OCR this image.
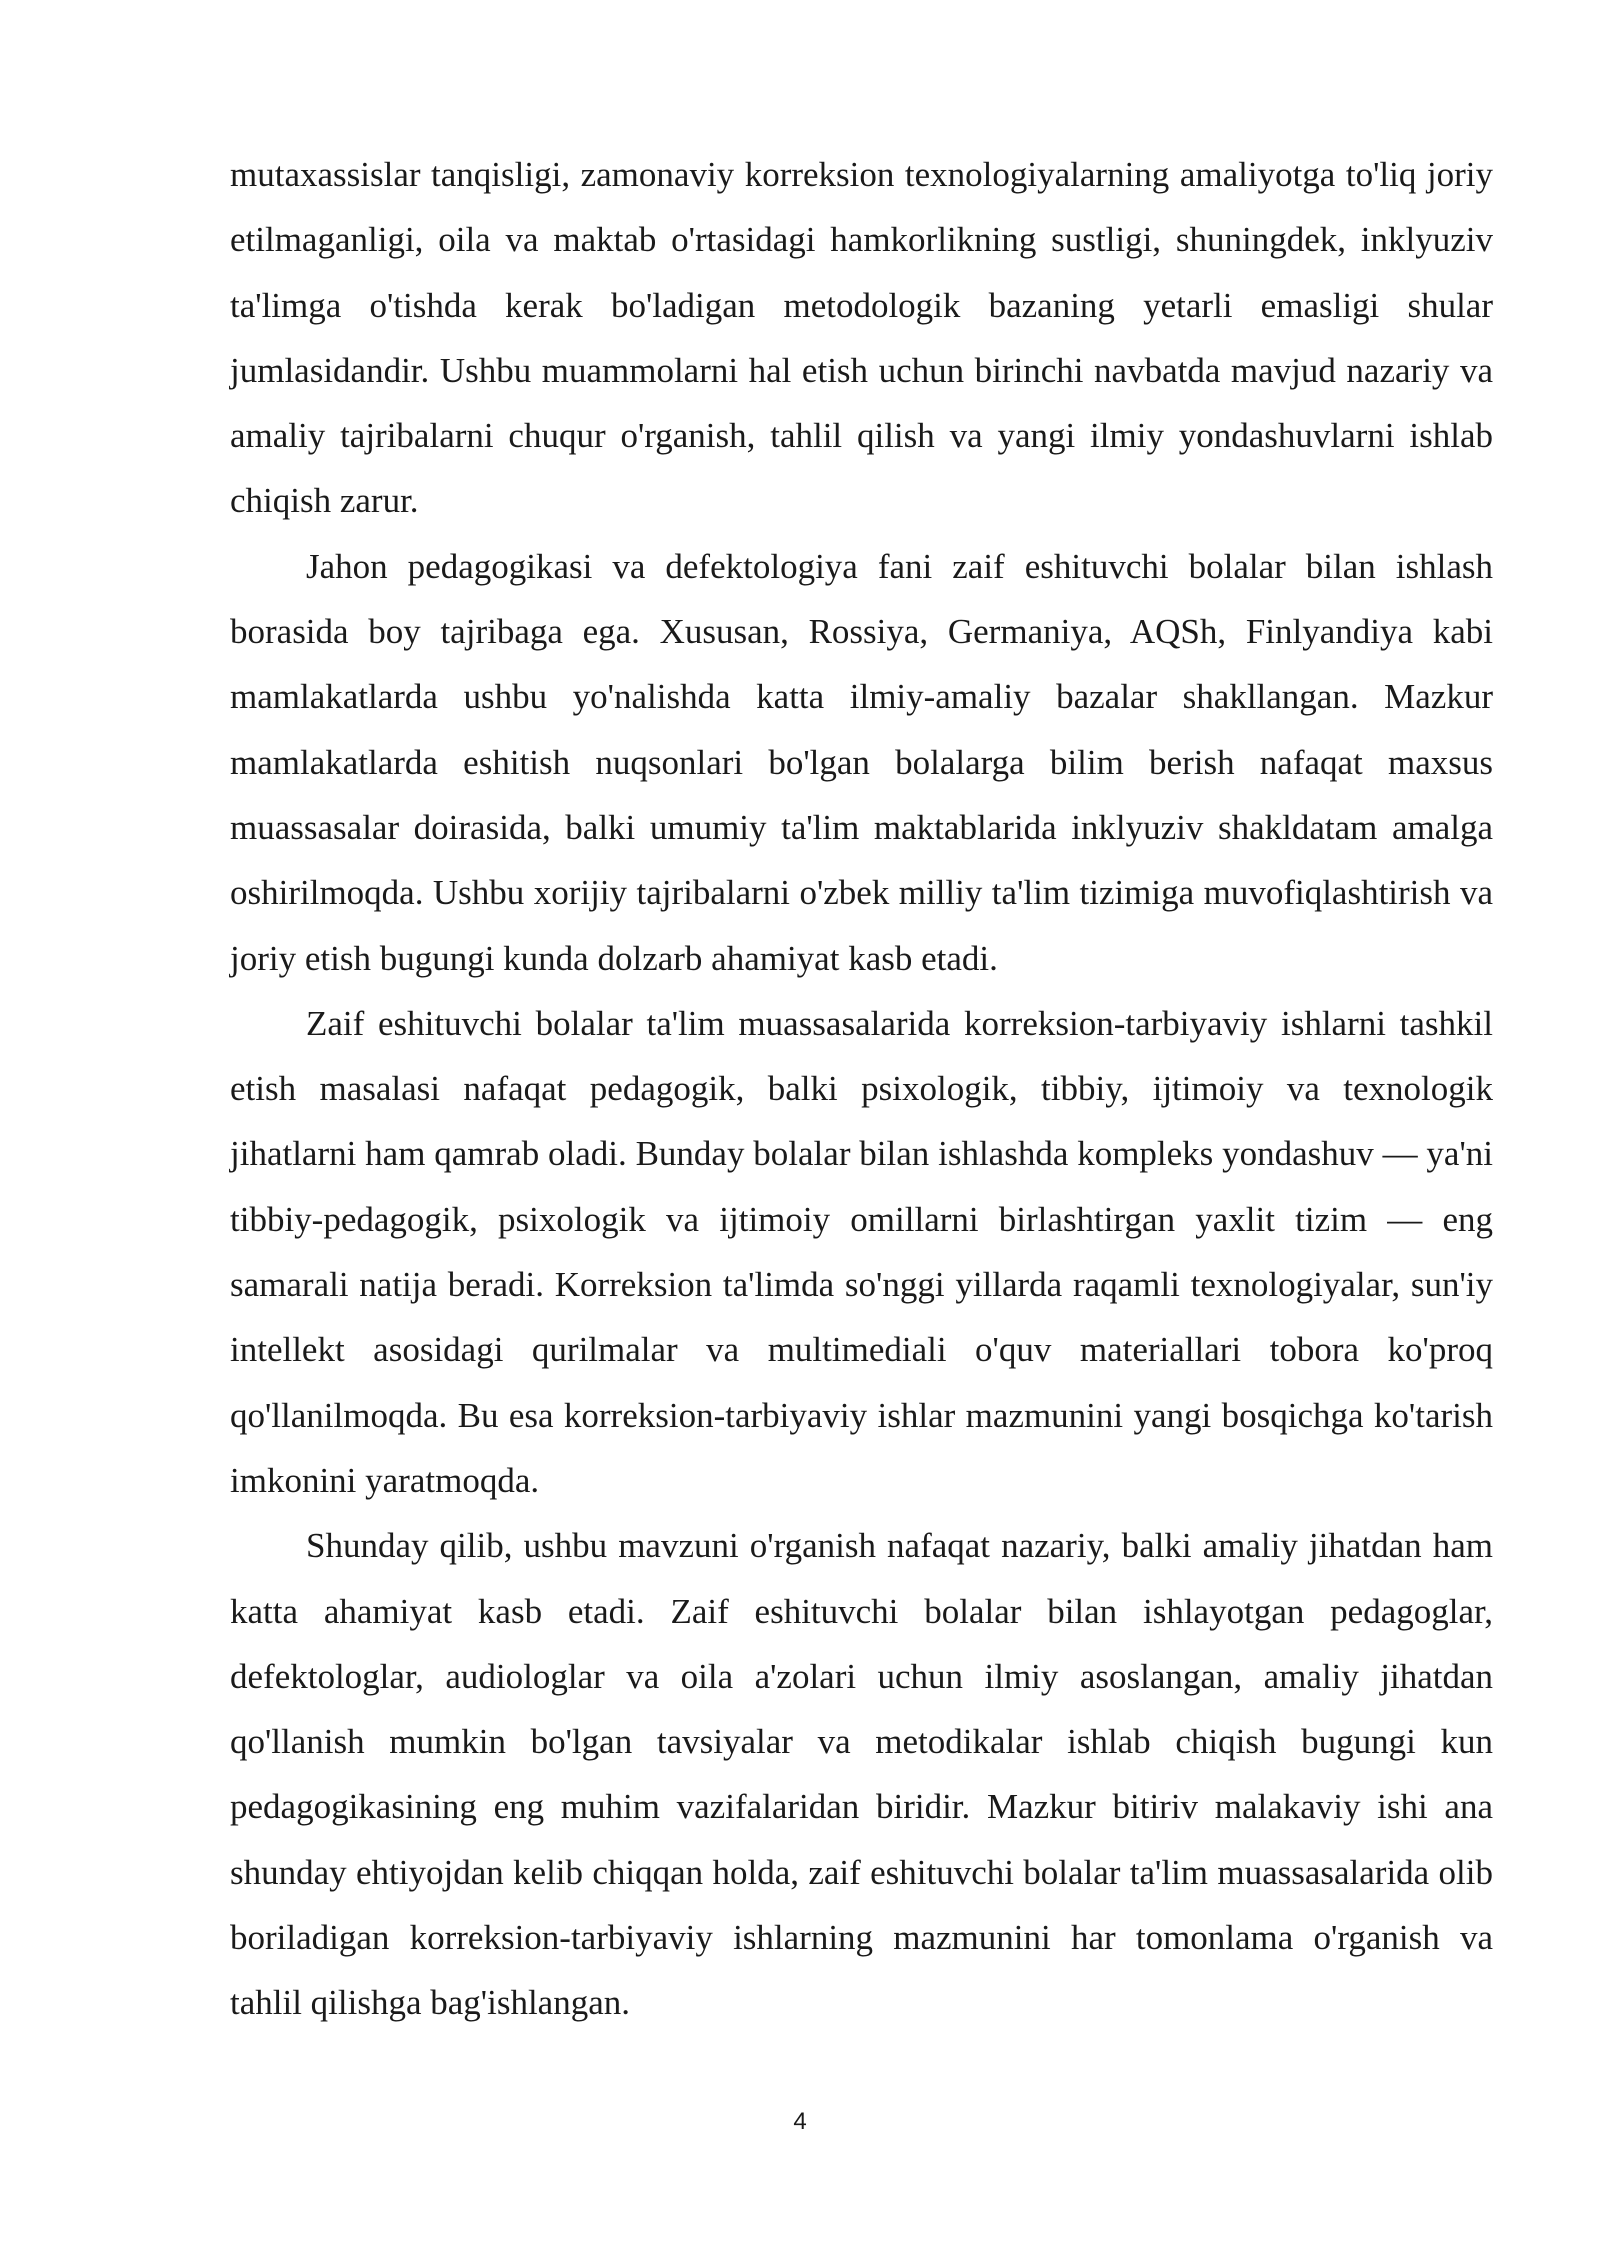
mutaxassislar tanqisligi, zamonaviy korreksion texnologiyalarning amaliyotga to'liq joriy etilmaganligi, oila va maktab o'rtasidagi hamkorlikning sustligi, shuningdek, inklyuziv ta'limga o'tishda kerak bo'ladigan metodologik bazaning yetarli emasligi shular jumlasidandir. Ushbu muammolarni hal etish uchun birinchi navbatda mavjud nazariy va amaliy tajribalarni chuqur o'rganish, tahlil qilish va yangi ilmiy yondashuvlarni ishlab chiqish zarur.

Jahon pedagogikasi va defektologiya fani zaif eshituvchi bolalar bilan ishlash borasida boy tajribaga ega. Xususan, Rossiya, Germaniya, AQSh, Finlyandiya kabi mamlakatlarda ushbu yo'nalishda katta ilmiy-amaliy bazalar shakllangan. Mazkur mamlakatlarda eshitish nuqsonlari bo'lgan bolalarga bilim berish nafaqat maxsus muassasalar doirasida, balki umumiy ta'lim maktablarida inklyuziv shakldatam amalga oshirilmoqda. Ushbu xorijiy tajribalarni o'zbek milliy ta'lim tizimiga muvofiqlashtirish va joriy etish bugungi kunda dolzarb ahamiyat kasb etadi.

Zaif eshituvchi bolalar ta'lim muassasalarida korreksion-tarbiyaviy ishlarni tashkil etish masalasi nafaqat pedagogik, balki psixologik, tibbiy, ijtimoiy va texnologik jihatlarni ham qamrab oladi. Bunday bolalar bilan ishlashda kompleks yondashuv — ya'ni tibbiy-pedagogik, psixologik va ijtimoiy omillarni birlashtirgan yaxlit tizim — eng samarali natija beradi. Korreksion ta'limda so'nggi yillarda raqamli texnologiyalar, sun'iy intellekt asosidagi qurilmalar va multimediali o'quv materiallari tobora ko'proq qo'llanilmoqda. Bu esa korreksion-tarbiyaviy ishlar mazmunini yangi bosqichga ko'tarish imkonini yaratmoqda.

Shunday qilib, ushbu mavzuni o'rganish nafaqat nazariy, balki amaliy jihatdan ham katta ahamiyat kasb etadi. Zaif eshituvchi bolalar bilan ishlayotgan pedagoglar, defektologlar, audiologlar va oila a'zolari uchun ilmiy asoslangan, amaliy jihatdan qo'llanish mumkin bo'lgan tavsiyalar va metodikalar ishlab chiqish bugungi kun pedagogikasining eng muhim vazifalaridan biridir. Mazkur bitiriv malakaviy ishi ana shunday ehtiyojdan kelib chiqqan holda, zaif eshituvchi bolalar ta'lim muassasalarida olib boriladigan korreksion-tarbiyaviy ishlarning mazmunini har tomonlama o'rganish va tahlil qilishga bag'ishlangan.

4
